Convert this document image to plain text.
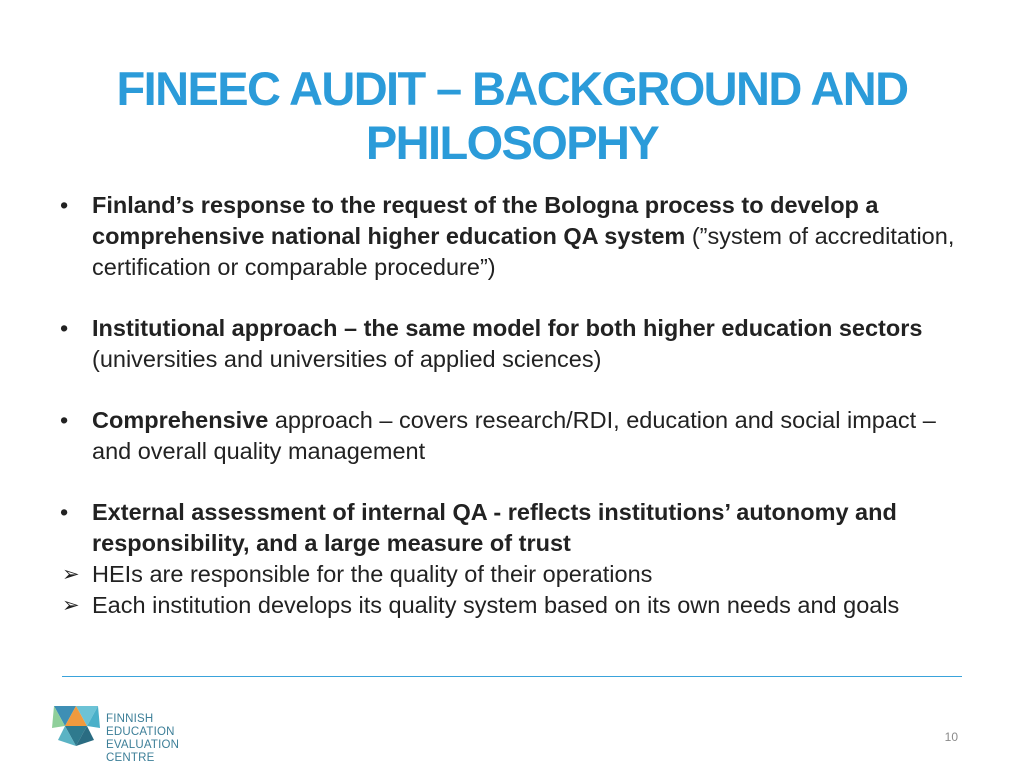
FINEEC AUDIT – BACKGROUND AND
PHILOSOPHY

•	Finland’s response to the request of the Bologna process to develop a comprehensive national higher education QA system (”system of accreditation, certification or comparable procedure”)

•	Institutional approach – the same model for both higher education sectors (universities and universities of applied sciences)

•	Comprehensive approach – covers research/RDI, education and social impact – and overall quality management

•	External assessment of internal QA - reflects institutions’ autonomy and responsibility, and a large measure of trust

➢ HEIs are responsible for the quality of their operations

➢ Each institution develops its quality system based on its own needs and goals

FINNISH EDUCATION
EVALUATION CENTRE
10
